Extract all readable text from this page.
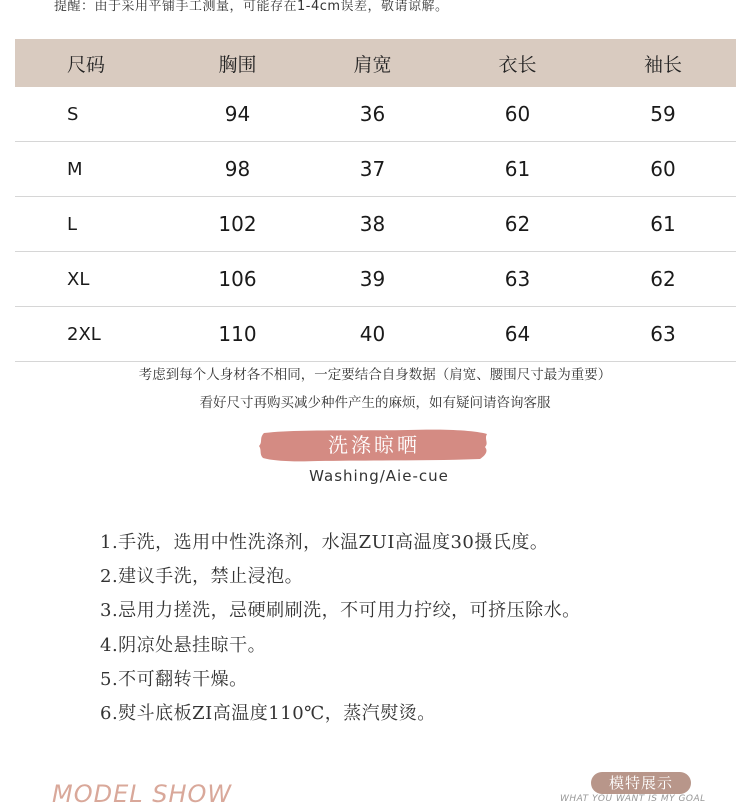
提醒：由于采用平铺手工测量，可能存在1-4cm误差，敬请谅解。
尺码	胸围	肩宽	衣长	袖长
S	94	36	60	59
M	98	37	61	60
L	102	38	62	61
XL	106	39	63	62
2XL	110	40	64	63
考虑到每个人身材各不相同，一定要结合自身数据（肩宽、腰围尺寸最为重要）
看好尺寸再购买减少种件产生的麻烦，如有疑问请咨询客服
洗涤晾晒
Washing/Aie-cue
1.手洗，选用中性洗涤剂，水温ZUI高温度30摄氏度。
2.建议手洗，禁止浸泡。
3.忌用力搓洗，忌硬刷刷洗，不可用力拧绞，可挤压除水。
4.阴凉处悬挂晾干。
5.不可翻转干燥。
6.熨斗底板ZI高温度110℃，蒸汽熨烫。
MODEL SHOW	模特展示
WHAT YOU WANT IS MY GOAL
